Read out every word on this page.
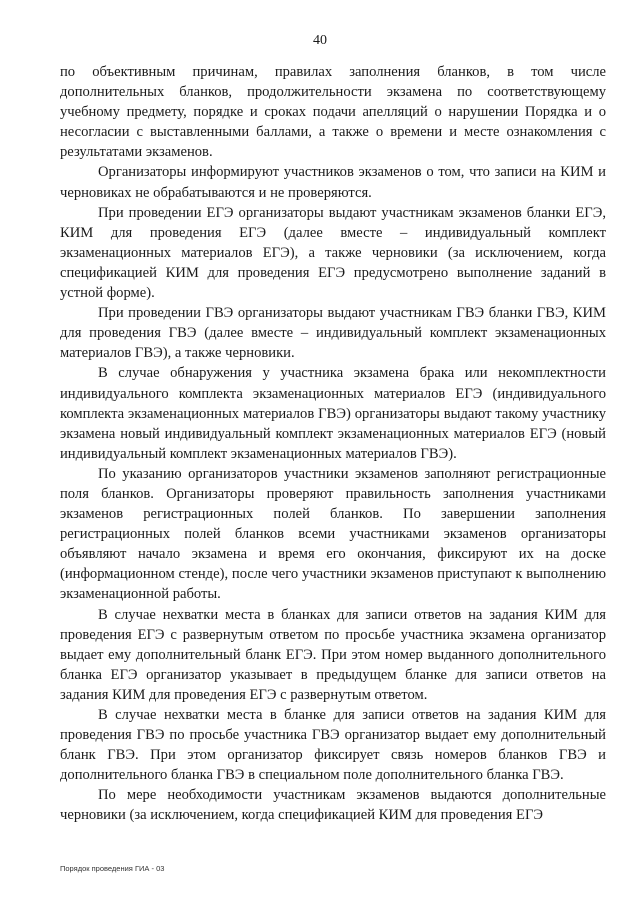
40

по объективным причинам, правилах заполнения бланков, в том числе дополнительных бланков, продолжительности экзамена по соответствующему учебному предмету, порядке и сроках подачи апелляций о нарушении Порядка и о несогласии с выставленными баллами, а также о времени и месте ознакомления с результатами экзаменов.

Организаторы информируют участников экзаменов о том, что записи на КИМ и черновиках не обрабатываются и не проверяются.

При проведении ЕГЭ организаторы выдают участникам экзаменов бланки ЕГЭ, КИМ для проведения ЕГЭ (далее вместе – индивидуальный комплект экзаменационных материалов ЕГЭ), а также черновики (за исключением, когда спецификацией КИМ для проведения ЕГЭ предусмотрено выполнение заданий в устной форме).

При проведении ГВЭ организаторы выдают участникам ГВЭ бланки ГВЭ, КИМ для проведения ГВЭ (далее вместе – индивидуальный комплект экзаменационных материалов ГВЭ), а также черновики.

В случае обнаружения у участника экзамена брака или некомплектности индивидуального комплекта экзаменационных материалов ЕГЭ (индивидуального комплекта экзаменационных материалов ГВЭ) организаторы выдают такому участнику экзамена новый индивидуальный комплект экзаменационных материалов ЕГЭ (новый индивидуальный комплект экзаменационных материалов ГВЭ).

По указанию организаторов участники экзаменов заполняют регистрационные поля бланков. Организаторы проверяют правильность заполнения участниками экзаменов регистрационных полей бланков. По завершении заполнения регистрационных полей бланков всеми участниками экзаменов организаторы объявляют начало экзамена и время его окончания, фиксируют их на доске (информационном стенде), после чего участники экзаменов приступают к выполнению экзаменационной работы.

В случае нехватки места в бланках для записи ответов на задания КИМ для проведения ЕГЭ с развернутым ответом по просьбе участника экзамена организатор выдает ему дополнительный бланк ЕГЭ. При этом номер выданного дополнительного бланка ЕГЭ организатор указывает в предыдущем бланке для записи ответов на задания КИМ для проведения ЕГЭ с развернутым ответом.

В случае нехватки места в бланке для записи ответов на задания КИМ для проведения ГВЭ по просьбе участника ГВЭ организатор выдает ему дополнительный бланк ГВЭ. При этом организатор фиксирует связь номеров бланков ГВЭ и дополнительного бланка ГВЭ в специальном поле дополнительного бланка ГВЭ.

По мере необходимости участникам экзаменов выдаются дополнительные черновики (за исключением, когда спецификацией КИМ для проведения ЕГЭ

Порядок проведения ГИА - 03
